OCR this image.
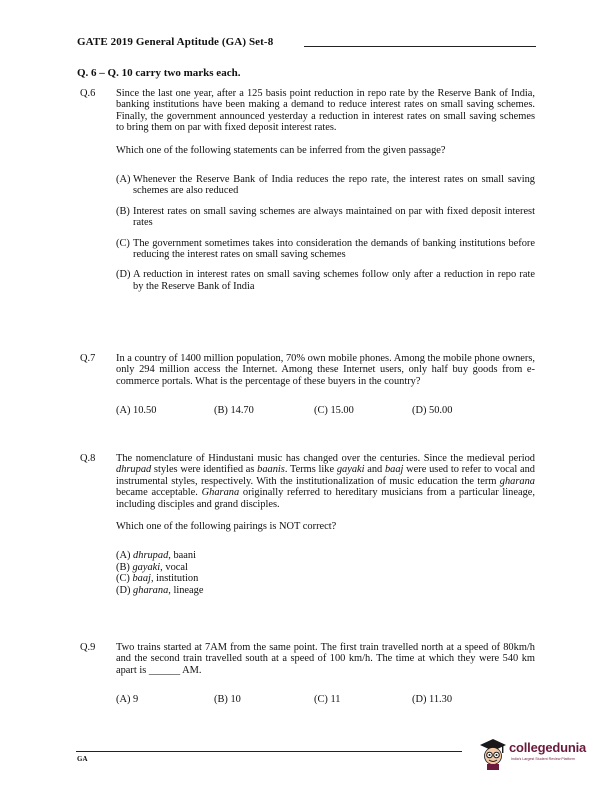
GATE 2019 General Aptitude (GA) Set-8
Q. 6 – Q. 10 carry two marks each.
Q.6	Since the last one year, after a 125 basis point reduction in repo rate by the Reserve Bank of India, banking institutions have been making a demand to reduce interest rates on small saving schemes. Finally, the government announced yesterday a reduction in interest rates on small saving schemes to bring them on par with fixed deposit interest rates.

Which one of the following statements can be inferred from the given passage?

(A) Whenever the Reserve Bank of India reduces the repo rate, the interest rates on small saving schemes are also reduced
(B) Interest rates on small saving schemes are always maintained on par with fixed deposit interest rates
(C) The government sometimes takes into consideration the demands of banking institutions before reducing the interest rates on small saving schemes
(D) A reduction in interest rates on small saving schemes follow only after a reduction in repo rate by the Reserve Bank of India
Q.7	In a country of 1400 million population, 70% own mobile phones. Among the mobile phone owners, only 294 million access the Internet. Among these Internet users, only half buy goods from e-commerce portals. What is the percentage of these buyers in the country?

(A) 10.50	(B) 14.70	(C) 15.00	(D) 50.00
Q.8	The nomenclature of Hindustani music has changed over the centuries. Since the medieval period dhrupad styles were identified as baanis. Terms like gayaki and baaj were used to refer to vocal and instrumental styles, respectively. With the institutionalization of music education the term gharana became acceptable. Gharana originally referred to hereditary musicians from a particular lineage, including disciples and grand disciples.

Which one of the following pairings is NOT correct?

(A) dhrupad, baani

(B) gayaki, vocal

(C) baaj, institution

(D) gharana, lineage

Q.9	Two trains started at 7AM from the same point. The first train travelled north at a speed of 80km/h and the second train travelled south at a speed of 100 km/h. The time at which they were 540 km apart is ______ AM.

(A) 9	(B) 10	(C) 11	(D) 11.30
GA
collegedunia
India's Largest Student Review Platform
